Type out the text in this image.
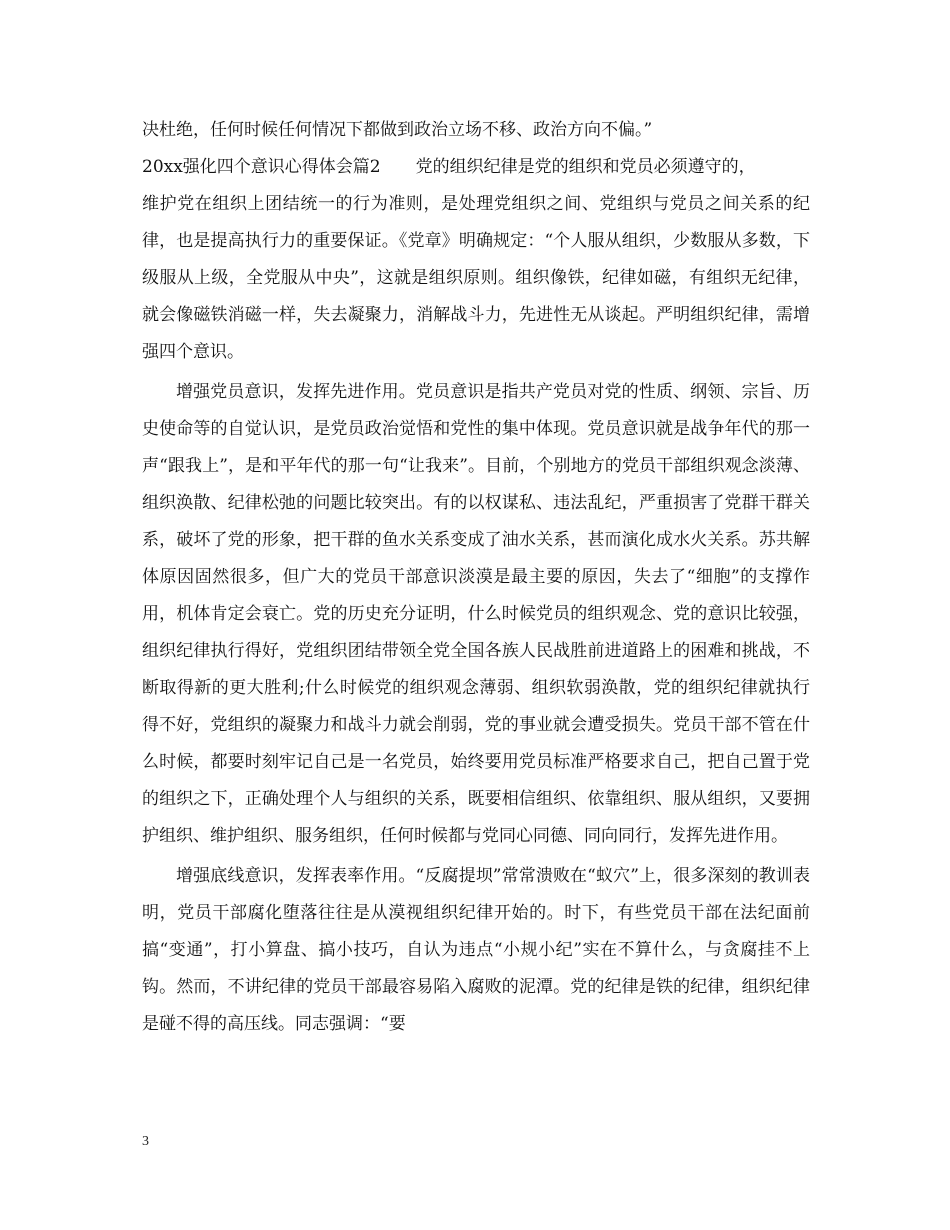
决杜绝，任何时候任何情况下都做到政治立场不移、政治方向不偏。”
20xx强化四个意识心得体会篇2 党的组织纪律是党的组织和党员必须遵守的，

维护党在组织上团结统一的行为准则，是处理党组织之间、党组织与党员之间关系的纪律，也是提高执行力的重要保证。《党章》明确规定：“个人服从组织，少数服从多数，下级服从上级，全党服从中央”，这就是组织原则。组织像铁，纪律如磁，有组织无纪律，就会像磁铁消磁一样，失去凝聚力，消解战斗力，先进性无从谈起。严明组织纪律，需增强四个意识。

增强党员意识，发挥先进作用。党员意识是指共产党员对党的性质、纲领、宗旨、历史使命等的自觉认识，是党员政治觉悟和党性的集中体现。党员意识就是战争年代的那一声“跟我上”，是和平年代的那一句“让我来”。目前，个别地方的党员干部组织观念淡薄、组织涣散、纪律松弛的问题比较突出。有的以权谋私、违法乱纪，严重损害了党群干群关系，破坏了党的形象，把干群的鱼水关系变成了油水关系，甚而演化成水火关系。苏共解体原因固然很多，但广大的党员干部意识淡漠是最主要的原因，失去了“细胞”的支撑作用，机体肯定会衰亡。党的历史充分证明，什么时候党员的组织观念、党的意识比较强，组织纪律执行得好，党组织团结带领全党全国各族人民战胜前进道路上的困难和挑战，不断取得新的更大胜利;什么时候党的组织观念薄弱、组织软弱涣散，党的组织纪律就执行得不好，党组织的凝聚力和战斗力就会削弱，党的事业就会遭受损失。党员干部不管在什么时候，都要时刻牢记自己是一名党员，始终要用党员标准严格要求自己，把自己置于党的组织之下，正确处理个人与组织的关系，既要相信组织、依靠组织、服从组织，又要拥护组织、维护组织、服务组织，任何时候都与党同心同德、同向同行，发挥先进作用。

增强底线意识，发挥表率作用。“反腐提坝”常常溃败在“蚁穴”上，很多深刻的教训表明，党员干部腐化堕落往往是从漠视组织纪律开始的。时下，有些党员干部在法纪面前搞“变通”，打小算盘、搞小技巧，自认为违点“小规小纪”实在不算什么，与贪腐挂不上钩。然而，不讲纪律的党员干部最容易陷入腐败的泥潭。党的纪律是铁的纪律，组织纪律是碰不得的高压线。同志强调：“要

3
